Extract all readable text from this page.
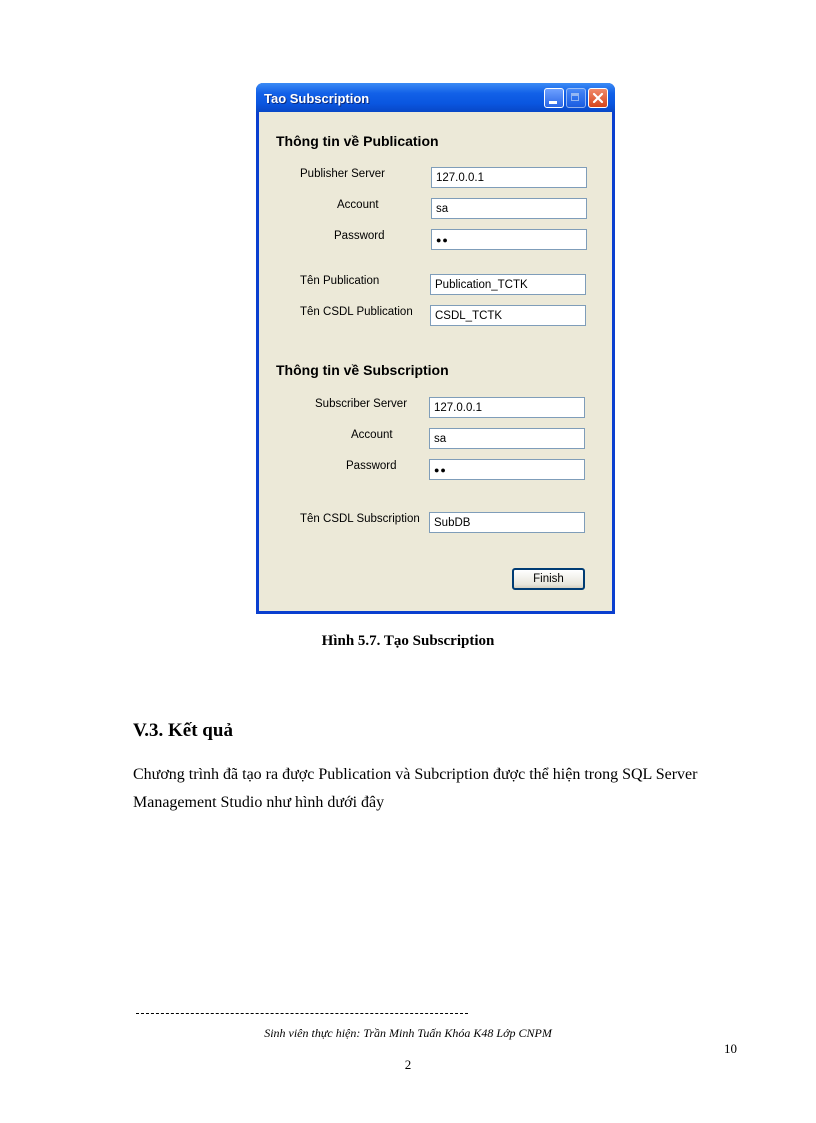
Tao Subscription
Thông tin về Publication
Publisher Server
127.0.0.1
Account
sa
Password
●●
Tên Publication
Publication_TCTK
Tên CSDL Publication
CSDL_TCTK
Thông tin về Subscription
Subscriber Server
127.0.0.1
Account
sa
Password
●●
Tên CSDL Subscription
SubDB
Finish
Hình 5.7. Tạo Subscription
V.3. Kết quả
Chương trình đã tạo ra được Publication và Subcription được thể hiện trong SQL Server Management Studio như hình dưới đây
Sinh viên thực hiện: Trần Minh Tuấn Khóa K48 Lớp CNPM
10
2
